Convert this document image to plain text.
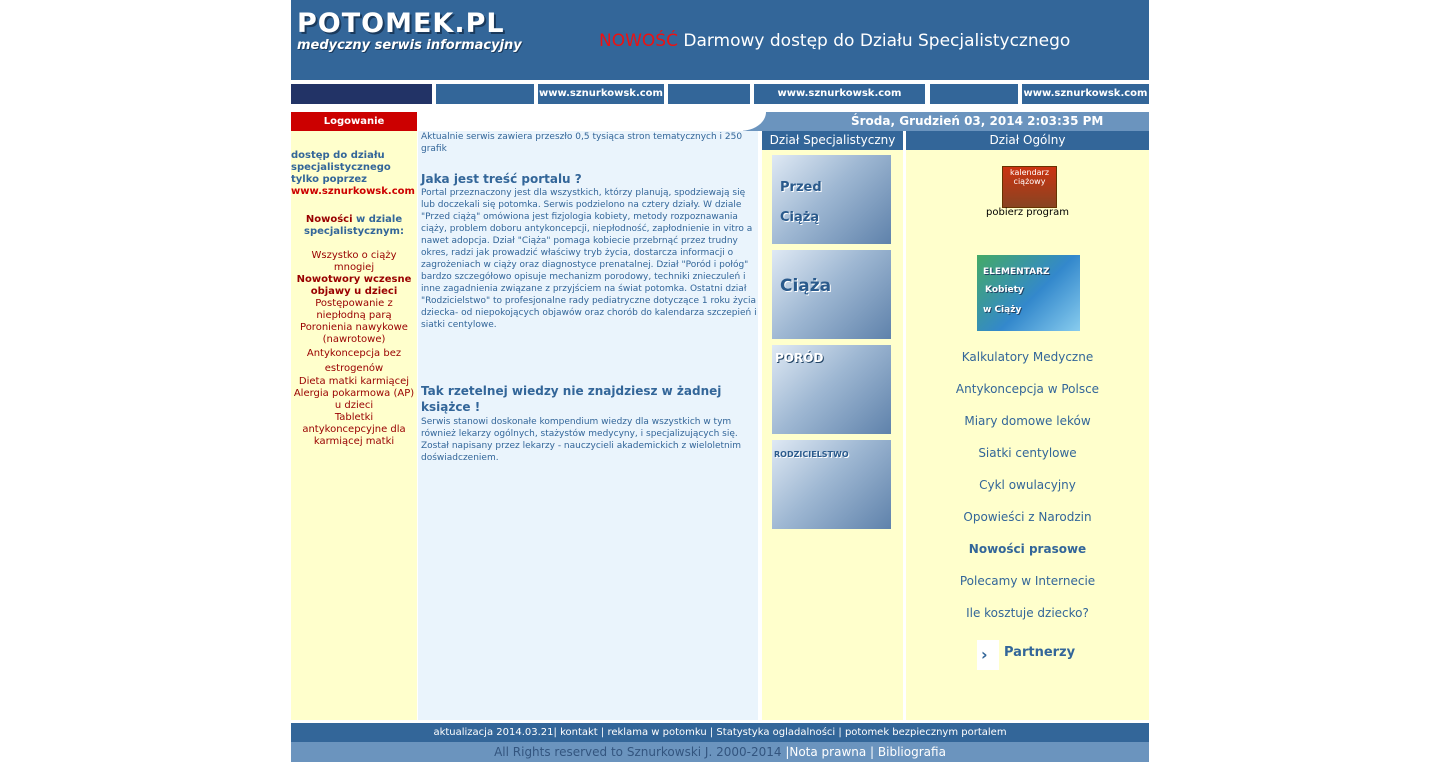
POTOMEK.PL
medyczny serwis informacyjny	NOWOŚĆ Darmowy dostęp do Działu Specjalistycznego
www.sznurkowsk.com	www.sznurkowsk.com	www.sznurkowsk.com
Logowanie
dostęp do działu
specjalistycznego
tylko poprzez
www.sznurkowsk.com
Nowości w dziale specjalistycznym:
Wszystko o ciąży mnogiej
Nowotwory wczesne objawy u dzieci
Postępowanie z niepłodną parą
Poronienia nawykowe (nawrotowe)
Antykoncepcja bez estrogenów
Dieta matki karmiącej
Alergia pokarmowa (AP) u dzieci
Tabletki antykoncepcyjne dla karmiącej matki
Środa, Grudzień 03, 2014 2:03:35 PM
Aktualnie serwis zawiera przeszło 0,5 tysiąca stron tematycznych i 250 grafik
Jaka jest treść portalu ?
Portal przeznaczony jest dla wszystkich, którzy planują, spodziewają się lub doczekali się potomka. Serwis podzielono na cztery działy. W dziale "Przed ciążą" omówiona jest fizjologia kobiety, metody rozpoznawania ciąży, problem doboru antykoncepcji, niepłodność, zapłodnienie in vitro a nawet adopcja. Dział "Ciąża" pomaga kobiecie przebrnąć przez trudny okres, radzi jak prowadzić właściwy tryb życia, dostarcza informacji o zagrożeniach w ciąży oraz diagnostyce prenatalnej. Dział "Poród i połóg" bardzo szczegółowo opisuje mechanizm porodowy, techniki znieczuleń i inne zagadnienia związane z przyjściem na świat potomka. Ostatni dział "Rodzicielstwo" to profesjonalne rady pediatryczne dotyczące 1 roku życia dziecka- od niepokojących objawów oraz chorób do kalendarza szczepień i siatki centylowe.
Tak rzetelnej wiedzy nie znajdziesz w żadnej książce !
Serwis stanowi doskonałe kompendium wiedzy dla wszystkich w tym również lekarzy ogólnych, stażystów medycyny, i specjalizujących się. Został napisany przez lekarzy - nauczycieli akademickich z wieloletnim doświadczeniem.
Dział Specjalistyczny
Przed Ciążą
Ciąża
PORÓD
RODZICIELSTWO
Dział Ogólny
kalendarz ciążowy
pobierz program
ELEMENTARZ
Kobiety
w Ciąży
Kalkulatory Medyczne
Antykoncepcja w Polsce
Miary domowe leków
Siatki centylowe
Cykl owulacyjny
Opowieści z Narodzin
Nowości prasowe
Polecamy w Internecie
Ile kosztuje dziecko?
› Partnerzy
aktualizacja 2014.03.21| kontakt | reklama w potomku | Statystyka ogladalności | potomek bezpiecznym portalem
All Rights reserved to Sznurkowski J. 2000-2014 |Nota prawna | Bibliografia
